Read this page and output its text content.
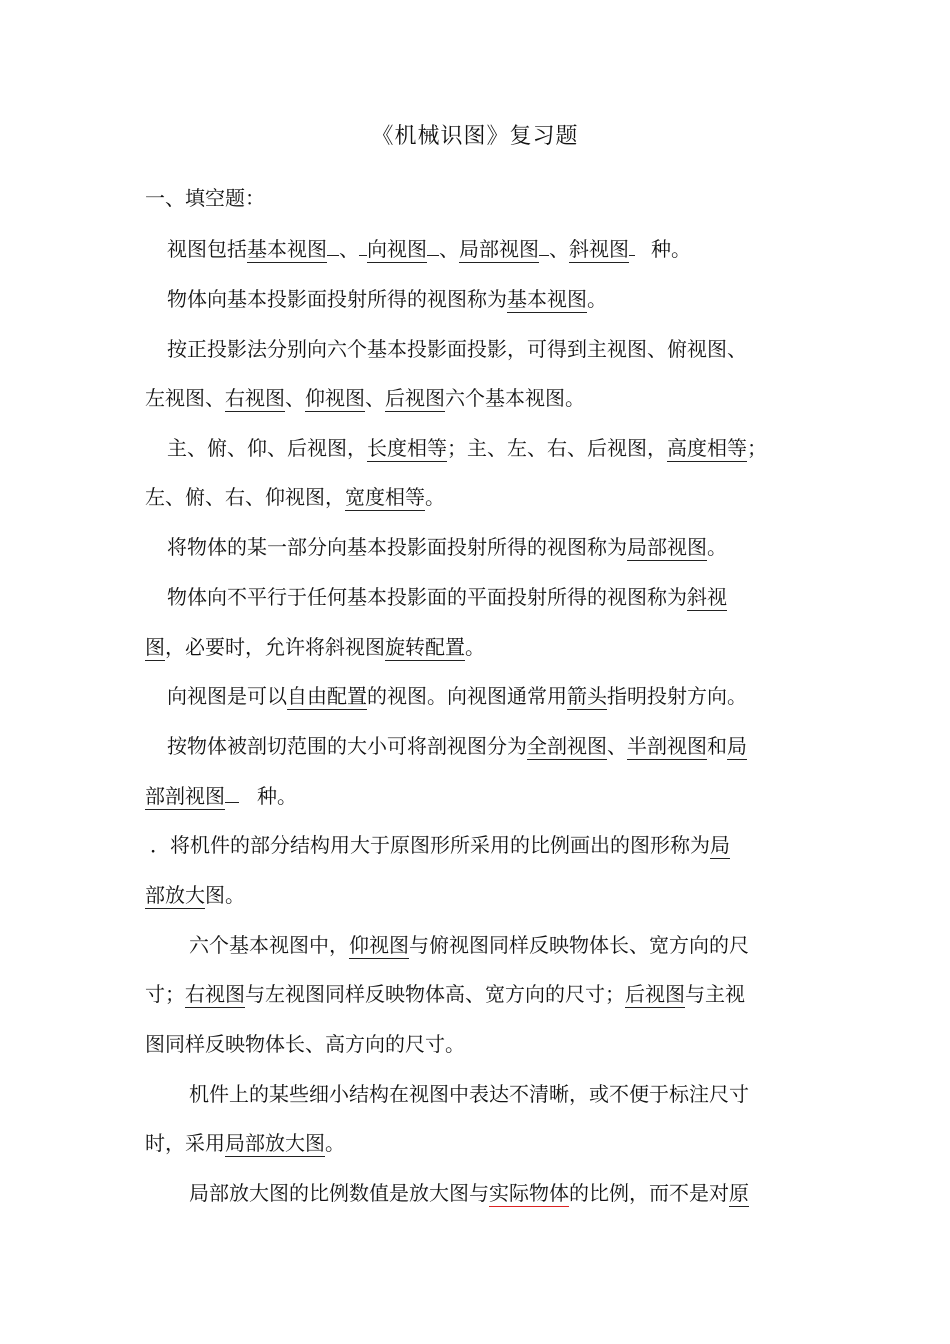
《机械识图》复习题
一、填空题：
视图包括基本视图 、 向视图 、局部视图 、斜视图 种。
物体向基本投影面投射所得的视图称为基本视图。
按正投影法分别向六个基本投影面投影，可得到主视图、俯视图、
左视图、右视图、仰视图、后视图六个基本视图。
主、俯、仰、后视图，长度相等；主、左、右、后视图，高度相等；
左、俯、右、仰视图，宽度相等。
将物体的某一部分向基本投影面投射所得的视图称为局部视图。
物体向不平行于任何基本投影面的平面投射所得的视图称为斜视
图，必要时，允许将斜视图旋转配置。
向视图是可以自由配置的视图。向视图通常用箭头指明投射方向。
按物体被剖切范围的大小可将剖视图分为全剖视图、半剖视图和局
部剖视图 种。
．将机件的部分结构用大于原图形所采用的比例画出的图形称为局
部放大图。
六个基本视图中，仰视图与俯视图同样反映物体长、宽方向的尺
寸；右视图与左视图同样反映物体高、宽方向的尺寸；后视图与主视
图同样反映物体长、高方向的尺寸。
机件上的某些细小结构在视图中表达不清晰，或不便于标注尺寸
时，采用局部放大图。
局部放大图的比例数值是放大图与实际物体的比例，而不是对原
